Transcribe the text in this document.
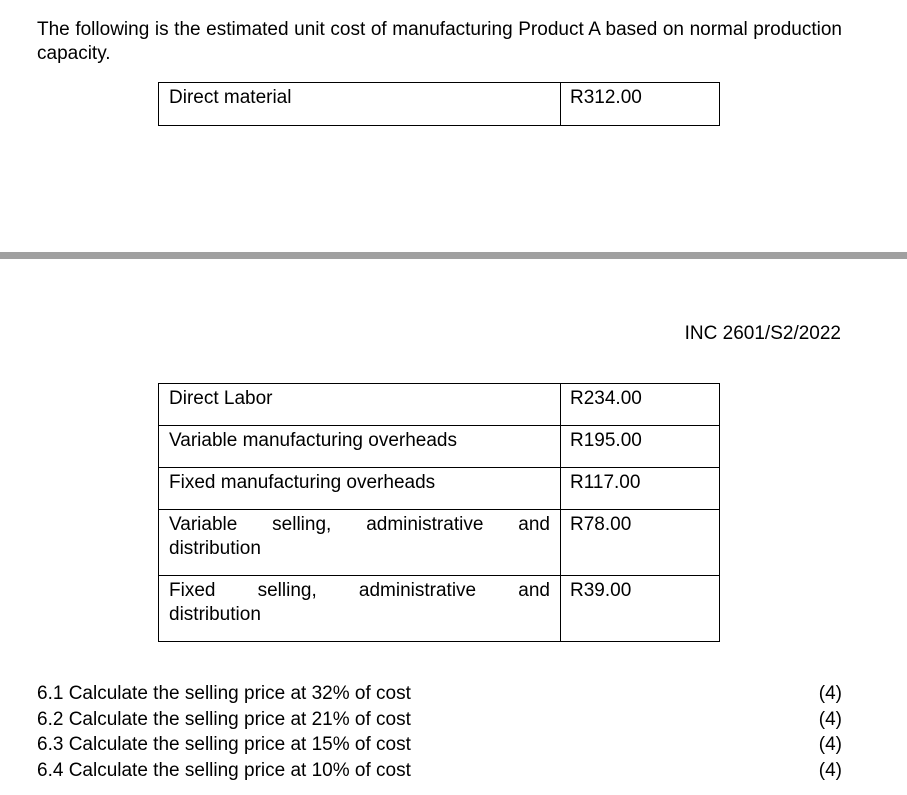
The following is the estimated unit cost of manufacturing Product A based on normal production capacity.

Direct material	R312.00
INC 2601/S2/2022
Direct Labor	R234.00
Variable manufacturing overheads	R195.00
Fixed manufacturing overheads	R117.00

Variable selling, administrative and
distribution	R78.00

Fixed selling, administrative and
distribution	R39.00
6.1 Calculate the selling price at 32% of cost	(4)
6.2 Calculate the selling price at 21% of cost	(4)
6.3 Calculate the selling price at 15% of cost	(4)
6.4 Calculate the selling price at 10% of cost	(4)
